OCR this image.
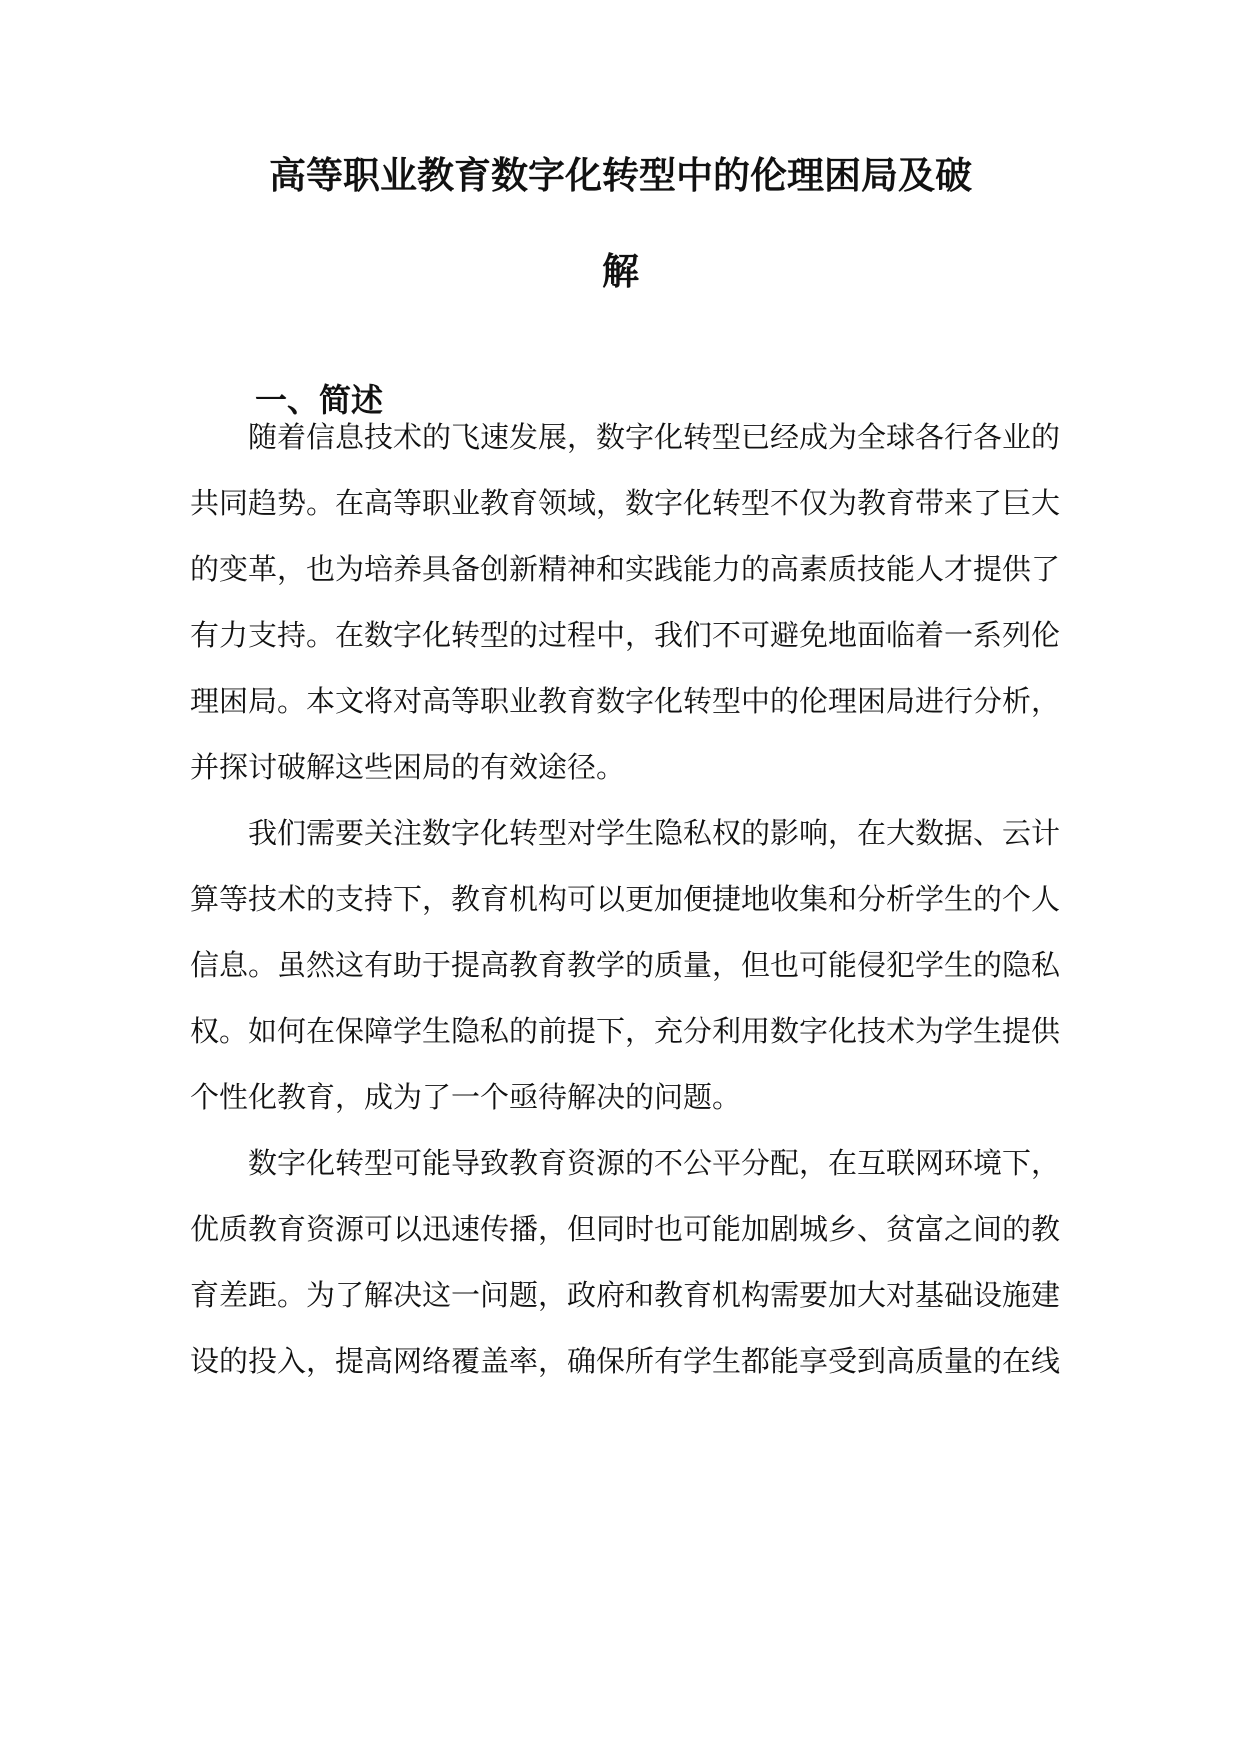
高等职业教育数字化转型中的伦理困局及破
解
一、简述

随着信息技术的飞速发展，数字化转型已经成为全球各行各业的

共同趋势。在高等职业教育领域，数字化转型不仅为教育带来了巨大

的变革，也为培养具备创新精神和实践能力的高素质技能人才提供了

有力支持。在数字化转型的过程中，我们不可避免地面临着一系列伦

理困局。本文将对高等职业教育数字化转型中的伦理困局进行分析，

并探讨破解这些困局的有效途径。

我们需要关注数字化转型对学生隐私权的影响，在大数据、云计

算等技术的支持下，教育机构可以更加便捷地收集和分析学生的个人

信息。虽然这有助于提高教育教学的质量，但也可能侵犯学生的隐私

权。如何在保障学生隐私的前提下，充分利用数字化技术为学生提供

个性化教育，成为了一个亟待解决的问题。

数字化转型可能导致教育资源的不公平分配，在互联网环境下，

优质教育资源可以迅速传播，但同时也可能加剧城乡、贫富之间的教

育差距。为了解决这一问题，政府和教育机构需要加大对基础设施建

设的投入，提高网络覆盖率，确保所有学生都能享受到高质量的在线
